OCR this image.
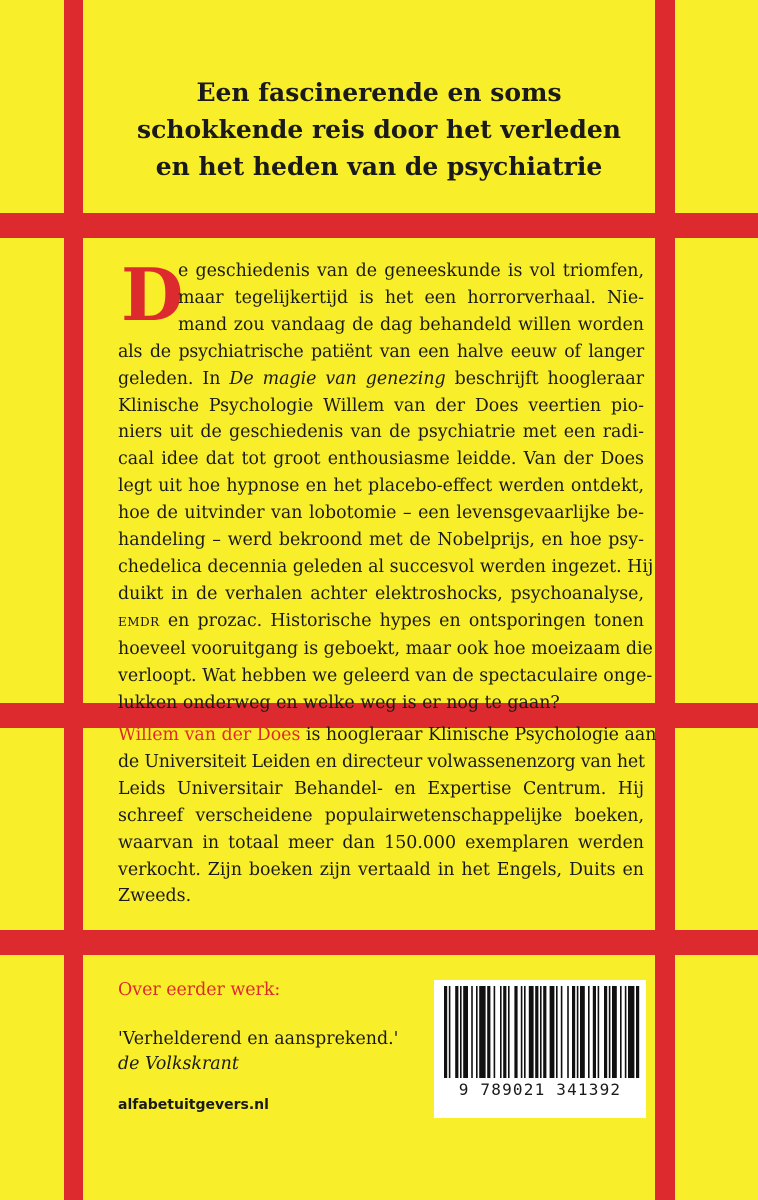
Een fascinerende en soms
schokkende reis door het verleden
en het heden van de psychiatrie
D
e geschiedenis van de geneeskunde is vol triomfen,
maar tegelijkertijd is het een horrorverhaal. Nie-
mand zou vandaag de dag behandeld willen worden
als de psychiatrische patiënt van een halve eeuw of langer
geleden. In De magie van genezing beschrijft hoogleraar
Klinische Psychologie Willem van der Does veertien pio-
niers uit de geschiedenis van de psychiatrie met een radi-
caal idee dat tot groot enthousiasme leidde. Van der Does
legt uit hoe hypnose en het placebo-effect werden ontdekt,
hoe de uitvinder van lobotomie – een levensgevaarlijke be-
handeling – werd bekroond met de Nobelprijs, en hoe psy-
chedelica decennia geleden al succesvol werden ingezet. Hij
duikt in de verhalen achter elektroshocks, psychoanalyse,
EMDR en prozac. Historische hypes en ontsporingen tonen
hoeveel vooruitgang is geboekt, maar ook hoe moeizaam die
verloopt. Wat hebben we geleerd van de spectaculaire onge-
lukken onderweg en welke weg is er nog te gaan?
Willem van der Does is hoogleraar Klinische Psychologie aan
de Universiteit Leiden en directeur volwassenenzorg van het
Leids Universitair Behandel- en Expertise Centrum. Hij
schreef verscheidene populairwetenschappelijke boeken,
waarvan in totaal meer dan 150.000 exemplaren werden
verkocht. Zijn boeken zijn vertaald in het Engels, Duits en
Zweeds.
Over eerder werk:
'Verhelderend en aansprekend.'
de Volkskrant
alfabetuitgevers.nl
9 789021 341392
